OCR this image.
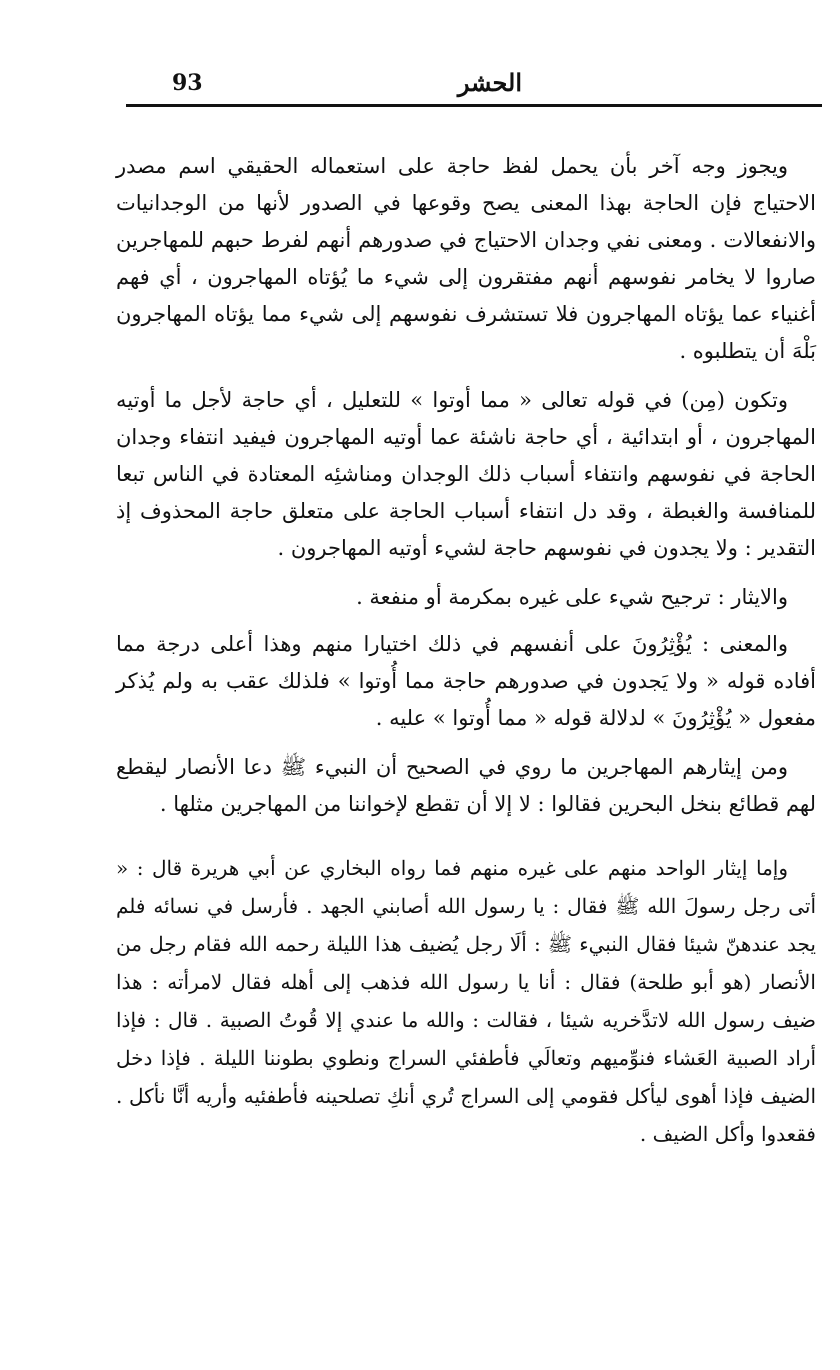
93	الحشر

ويجوز وجه آخر بأن يحمل لفظ حاجة على استعماله الحقيقي اسم مصدر الاحتياج فإن الحاجة بهذا المعنى يصح وقوعها في الصدور لأنها من الوجدانيات والانفعالات . ومعنى نفي وجدان الاحتياج في صدورهم أنهم لفرط حبهم للمهاجرين صاروا لا يخامر نفوسهم أنهم مفتقرون إلى شيء ما يُؤتاه المهاجرون ، أي فهم أغنياء عما يؤتاه المهاجرون فلا تستشرف نفوسهم إلى شيء مما يؤتاه المهاجرون بَلْهَ أن يتطلبوه .

وتكون (مِن) في قوله تعالى « مما أوتوا » للتعليل ، أي حاجة لأجل ما أوتيه المهاجرون ، أو ابتدائية ، أي حاجة ناشئة عما أوتيه المهاجرون فيفيد انتفاء وجدان الحاجة في نفوسهم وانتفاء أسباب ذلك الوجدان ومناشئِه المعتادة في الناس تبعا للمنافسة والغبطة ، وقد دل انتفاء أسباب الحاجة على متعلق حاجة المحذوف إذ التقدير : ولا يجدون في نفوسهم حاجة لشيء أوتيه المهاجرون .

والايثار : ترجيح شيء على غيره بمكرمة أو منفعة .

والمعنى : يُؤْثِرُونَ على أنفسهم في ذلك اختيارا منهم وهذا أعلى درجة مما أفاده قوله « ولا يَجدون في صدورهم حاجة مما أُوتوا » فلذلك عقب به ولم يُذكر مفعول « يُؤْثِرُونَ » لدلالة قوله « مما أُوتوا » عليه .

ومن إيثارهم المهاجرين ما روي في الصحيح أن النبيء ﷺ دعا الأنصار ليقطع لهم قطائع بنخل البحرين فقالوا : لا إلا أن تقطع لإخواننا من المهاجرين مثلها .

وإما إيثار الواحد منهم على غيره منهم فما رواه البخاري عن أبي هريرة قال : « أتى رجل رسولَ الله ﷺ فقال : يا رسول الله أصابني الجهد . فأرسل في نسائه فلم يجد عندهنّ شيئا فقال النبيء ﷺ : ألَا رجل يُضيف هذا الليلة رحمه الله فقام رجل من الأنصار (هو أبو طلحة) فقال : أنا يا رسول الله فذهب إلى أهله فقال لامرأته : هذا ضيف رسول الله لاتدَّخريه شيئا ، فقالت : والله ما عندي إلا قُوتُ الصبية . قال : فإذا أراد الصبية العَشاء فنوِّميهم وتعالَي فأطفئي السراج ونطوي بطوننا الليلة . فإذا دخل الضيف فإذا أهوى ليأكل فقومي إلى السراج تُري أنكِ تصلحينه فأطفئيه وأريه أنَّا نأكل . فقعدوا وأكل الضيف .
